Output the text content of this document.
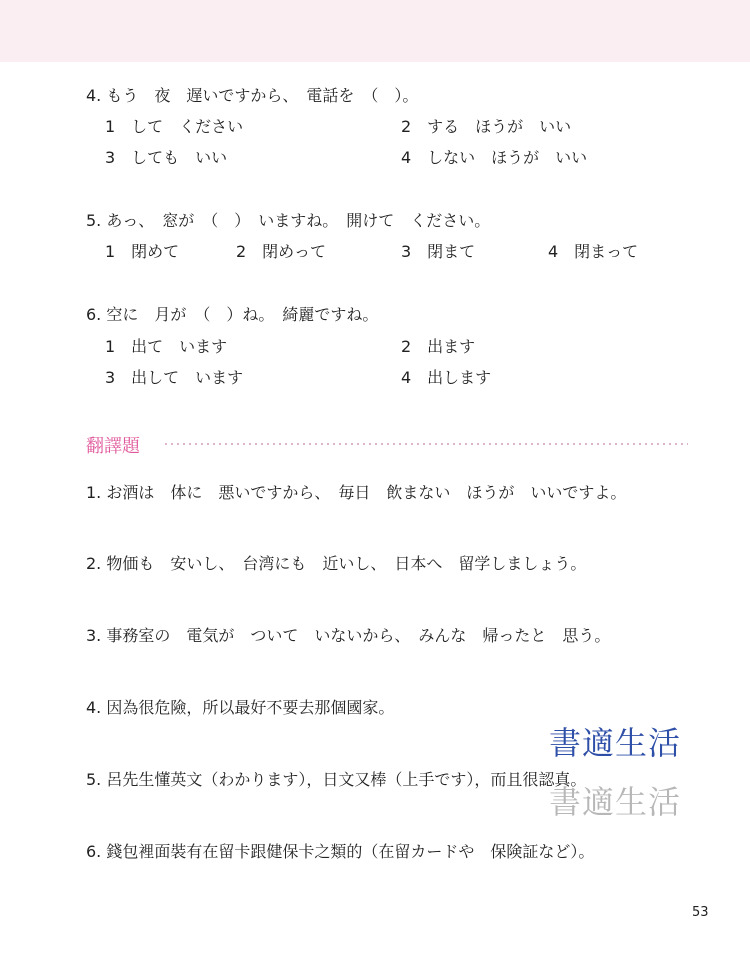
4. もう　夜　遅いですから、　電話を　（　）。
1　して　ください	2　する　ほうが　いい
3　しても　いい	4　しない　ほうが　いい
5. あっ、　窓が　（　）　いますね。　開けて　ください。
1　閉めて	2　閉めって	3　閉まて	4　閉まって
6. 空に　月が　（　）ね。　綺麗ですね。
1　出て　います	2　出ます
3　出して　います	4　出します
翻譯題
1. お酒は　体に　悪いですから、　毎日　飲まない　ほうが　いいですよ。
2. 物価も　安いし、　台湾にも　近いし、　日本へ　留学しましょう。
3. 事務室の　電気が　ついて　いないから、　みんな　帰ったと　思う。
4. 因為很危險，所以最好不要去那個國家。
5. 呂先生懂英文（わかります），日文又棒（上手です），而且很認真。
6. 錢包裡面裝有在留卡跟健保卡之類的（在留カードや　保険証など）。
書適生活
書適生活
53
